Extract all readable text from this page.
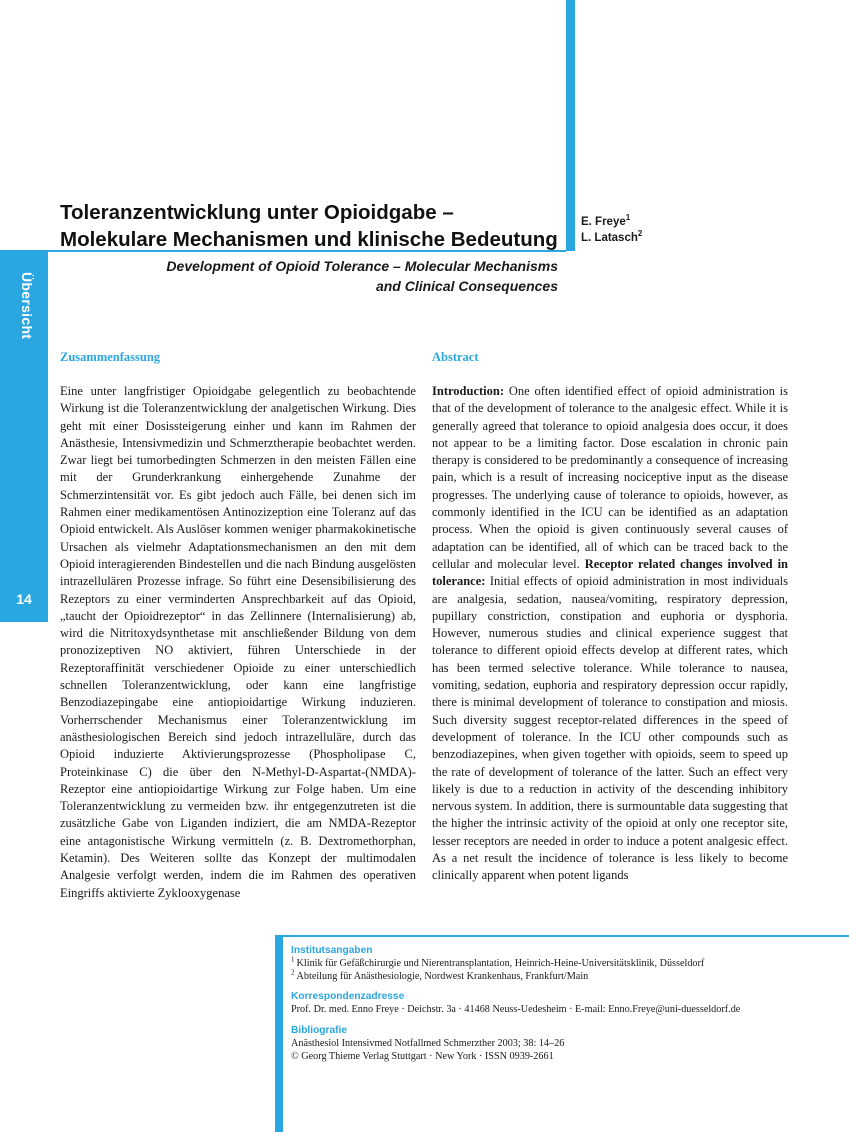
Übersicht
14
Toleranzentwicklung unter Opioidgabe –
Molekulare Mechanismen und klinische Bedeutung
E. Freye$^1$
L. Latasch$^2$
Development of Opioid Tolerance – Molecular Mechanisms
and Clinical Consequences
Zusammenfassung

Eine unter langfristiger Opioidgabe gelegentlich zu beobachtende Wirkung ist die Toleranzentwicklung der analgetischen Wirkung. Dies geht mit einer Dosissteigerung einher und kann im Rahmen der Anästhesie, Intensivmedizin und Schmerztherapie beobachtet werden. Zwar liegt bei tumorbedingten Schmerzen in den meisten Fällen eine mit der Grunderkrankung einhergehende Zunahme der Schmerzintensität vor. Es gibt jedoch auch Fälle, bei denen sich im Rahmen einer medikamentösen Antinozizeption eine Toleranz auf das Opioid entwickelt. Als Auslöser kommen weniger pharmakokinetische Ursachen als vielmehr Adaptationsmechanismen an den mit dem Opioid interagierenden Bindestellen und die nach Bindung ausgelösten intrazellulären Prozesse infrage. So führt eine Desensibilisierung des Rezeptors zu einer verminderten Ansprechbarkeit auf das Opioid, „taucht der Opioidrezeptor“ in das Zellinnere (Internalisierung) ab, wird die Nitritoxydsynthetase mit anschließender Bildung von dem pronozizeptiven NO aktiviert, führen Unterschiede in der Rezeptoraffinität verschiedener Opioide zu einer unterschiedlich schnellen Toleranzentwicklung, oder kann eine langfristige Benzodiazepingabe eine antiopioidartige Wirkung induzieren. Vorherrschender Mechanismus einer Toleranzentwicklung im anästhesiologischen Bereich sind jedoch intrazelluläre, durch das Opioid induzierte Aktivierungsprozesse (Phospholipase C, Proteinkinase C) die über den N-Methyl-D-Aspartat-(NMDA)-Rezeptor eine antiopioidartige Wirkung zur Folge haben. Um eine Toleranzentwicklung zu vermeiden bzw. ihr entgegenzutreten ist die zusätzliche Gabe von Liganden indiziert, die am NMDA-Rezeptor eine antagonistische Wirkung vermitteln (z. B. Dextromethorphan, Ketamin). Des Weiteren sollte das Konzept der multimodalen Analgesie verfolgt werden, indem die im Rahmen des operativen Eingriffs aktivierte Zyklooxygenase

Abstract

Introduction: One often identified effect of opioid administration is that of the development of tolerance to the analgesic effect. While it is generally agreed that tolerance to opioid analgesia does occur, it does not appear to be a limiting factor. Dose escalation in chronic pain therapy is considered to be predominantly a consequence of increasing pain, which is a result of increasing nociceptive input as the disease progresses. The underlying cause of tolerance to opioids, however, as commonly identified in the ICU can be identified as an adaptation process. When the opioid is given continuously several causes of adaptation can be identified, all of which can be traced back to the cellular and molecular level. Receptor related changes involved in tolerance: Initial effects of opioid administration in most individuals are analgesia, sedation, nausea/vomiting, respiratory depression, pupillary constriction, constipation and euphoria or dysphoria. However, numerous studies and clinical experience suggest that tolerance to different opioid effects develop at different rates, which has been termed selective tolerance. While tolerance to nausea, vomiting, sedation, euphoria and respiratory depression occur rapidly, there is minimal development of tolerance to constipation and miosis. Such diversity suggest receptor-related differences in the speed of development of tolerance. In the ICU other compounds such as benzodiazepines, when given together with opioids, seem to speed up the rate of development of tolerance of the latter. Such an effect very likely is due to a reduction in activity of the descending inhibitory nervous system. In addition, there is surmountable data suggesting that the higher the intrinsic activity of the opioid at only one receptor site, lesser receptors are needed in order to induce a potent analgesic effect. As a net result the incidence of tolerance is less likely to become clinically apparent when potent ligands

Institutsangaben
$^1$  Klinik für Gefäßchirurgie und Nierentransplantation, Heinrich-Heine-Universitätsklinik, Düsseldorf
$^2$  Abteilung für Anästhesiologie, Nordwest Krankenhaus, Frankfurt/Main
Korrespondenzadresse
Prof. Dr. med. Enno Freye · Deichstr. 3a · 41468 Neuss-Uedesheim · E-mail: Enno.Freye@uni-duesseldorf.de
Bibliografie
Anästhesiol Intensivmed Notfallmed Schmerzther 2003; 38: 14–26
© Georg Thieme Verlag Stuttgart · New York · ISSN 0939-2661
